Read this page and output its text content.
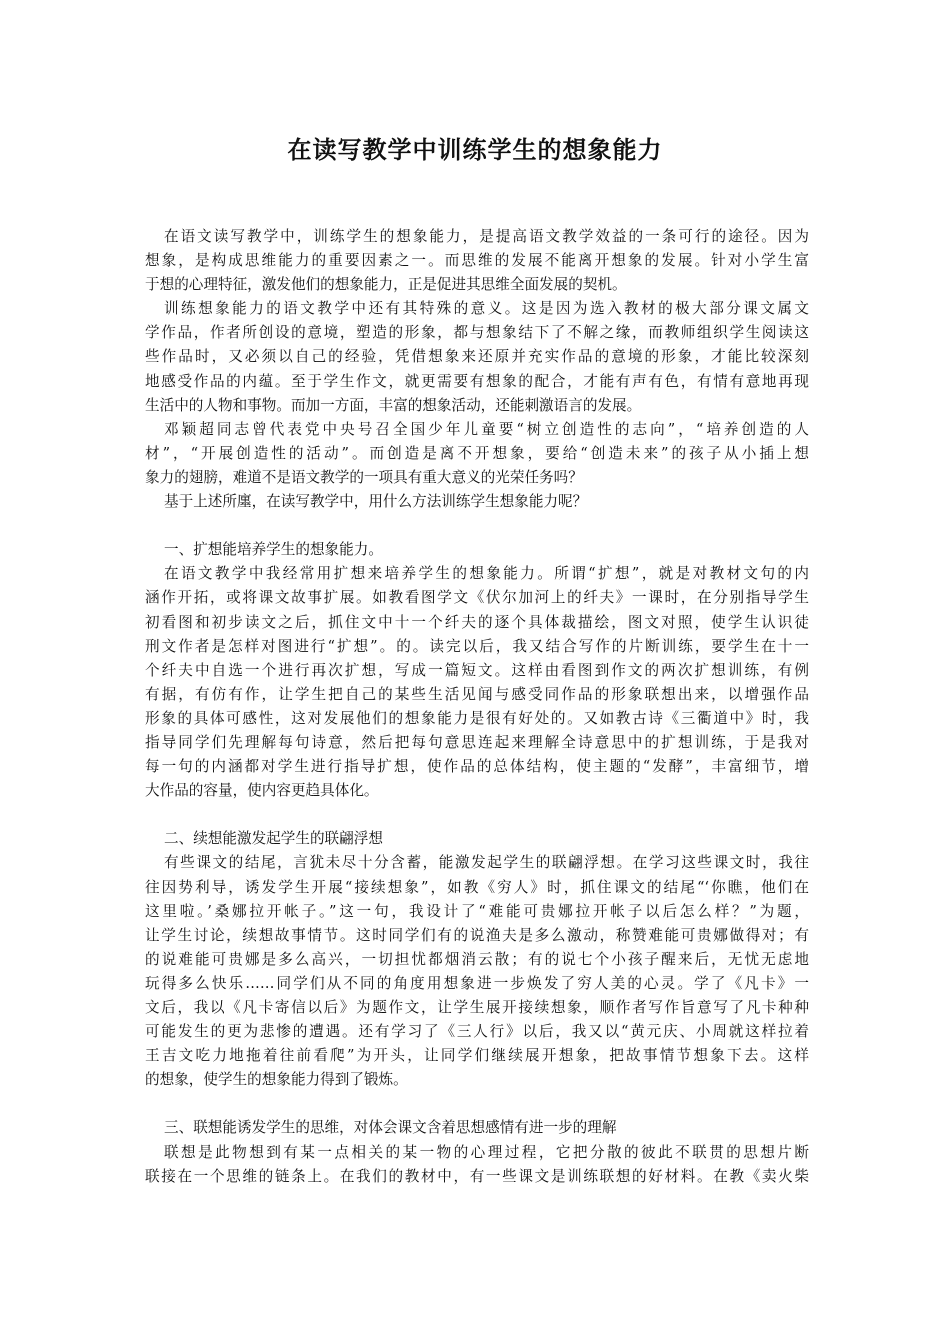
在读写教学中训练学生的想象能力
在语文读写教学中，训练学生的想象能力，是提高语文教学效益的一条可行的途径。因为
想象，是构成思维能力的重要因素之一。而思维的发展不能离开想象的发展。针对小学生富
于想的心理特征，激发他们的想象能力，正是促进其思维全面发展的契机。
训练想象能力的语文教学中还有其特殊的意义。这是因为选入教材的极大部分课文属文
学作品，作者所创设的意境，塑造的形象，都与想象结下了不解之缘，而教师组织学生阅读这
些作品时，又必须以自己的经验，凭借想象来还原并充实作品的意境的形象，才能比较深刻
地感受作品的内蕴。至于学生作文，就更需要有想象的配合，才能有声有色，有情有意地再现
生活中的人物和事物。而加一方面，丰富的想象活动，还能刺激语言的发展。
邓颖超同志曾代表党中央号召全国少年儿童要“树立创造性的志向”，“培养创造的人
材”，“开展创造性的活动”。而创造是离不开想象，要给“创造未来”的孩子从小插上想
象力的翅膀，难道不是语文教学的一项具有重大意义的光荣任务吗？
基于上述所廛，在读写教学中，用什么方法训练学生想象能力呢？
一、扩想能培养学生的想象能力。
在语文教学中我经常用扩想来培养学生的想象能力。所谓“扩想”，就是对教材文句的内
涵作开拓，或将课文故事扩展。如教看图学文《伏尔加河上的纤夫》一课时，在分别指导学生
初看图和初步读文之后，抓住文中十一个纤夫的逐个具体裁描绘，图文对照，使学生认识徒
刑文作者是怎样对图进行“扩想”。的。读完以后，我又结合写作的片断训练，要学生在十一
个纤夫中自选一个进行再次扩想，写成一篇短文。这样由看图到作文的两次扩想训练，有例
有据，有仿有作，让学生把自己的某些生活见闻与感受同作品的形象联想出来，以增强作品
形象的具体可感性，这对发展他们的想象能力是很有好处的。又如教古诗《三衢道中》时，我
指导同学们先理解每句诗意，然后把每句意思连起来理解全诗意思中的扩想训练，于是我对
每一句的内涵都对学生进行指导扩想，使作品的总体结构，使主题的“发酵”，丰富细节，增
大作品的容量，使内容更趋具体化。
二、续想能激发起学生的联翩浮想
有些课文的结尾，言犹未尽十分含蓄，能激发起学生的联翩浮想。在学习这些课文时，我往
往因势利导，诱发学生开展“接续想象”，如教《穷人》时，抓住课文的结尾“‘你瞧，他们在
这里啦。’桑娜拉开帐子。”这一句，我设计了“难能可贵娜拉开帐子以后怎么样？”为题，
让学生讨论，续想故事情节。这时同学们有的说渔夫是多么激动，称赞难能可贵娜做得对；有
的说难能可贵娜是多么高兴，一切担忧都烟消云散；有的说七个小孩子醒来后，无忧无虑地
玩得多么快乐……同学们从不同的角度用想象进一步焕发了穷人美的心灵。学了《凡卡》一
文后，我以《凡卡寄信以后》为题作文，让学生展开接续想象，顺作者写作旨意写了凡卡种种
可能发生的更为悲惨的遭遇。还有学习了《三人行》以后，我又以“黄元庆、小周就这样拉着
王吉文吃力地拖着往前看爬”为开头，让同学们继续展开想象，把故事情节想象下去。这样
的想象，使学生的想象能力得到了锻炼。
三、联想能诱发学生的思维，对体会课文含着思想感情有进一步的理解
联想是此物想到有某一点相关的某一物的心理过程，它把分散的彼此不联贯的思想片断
联接在一个思维的链条上。在我们的教材中，有一些课文是训练联想的好材料。在教《卖火柴
